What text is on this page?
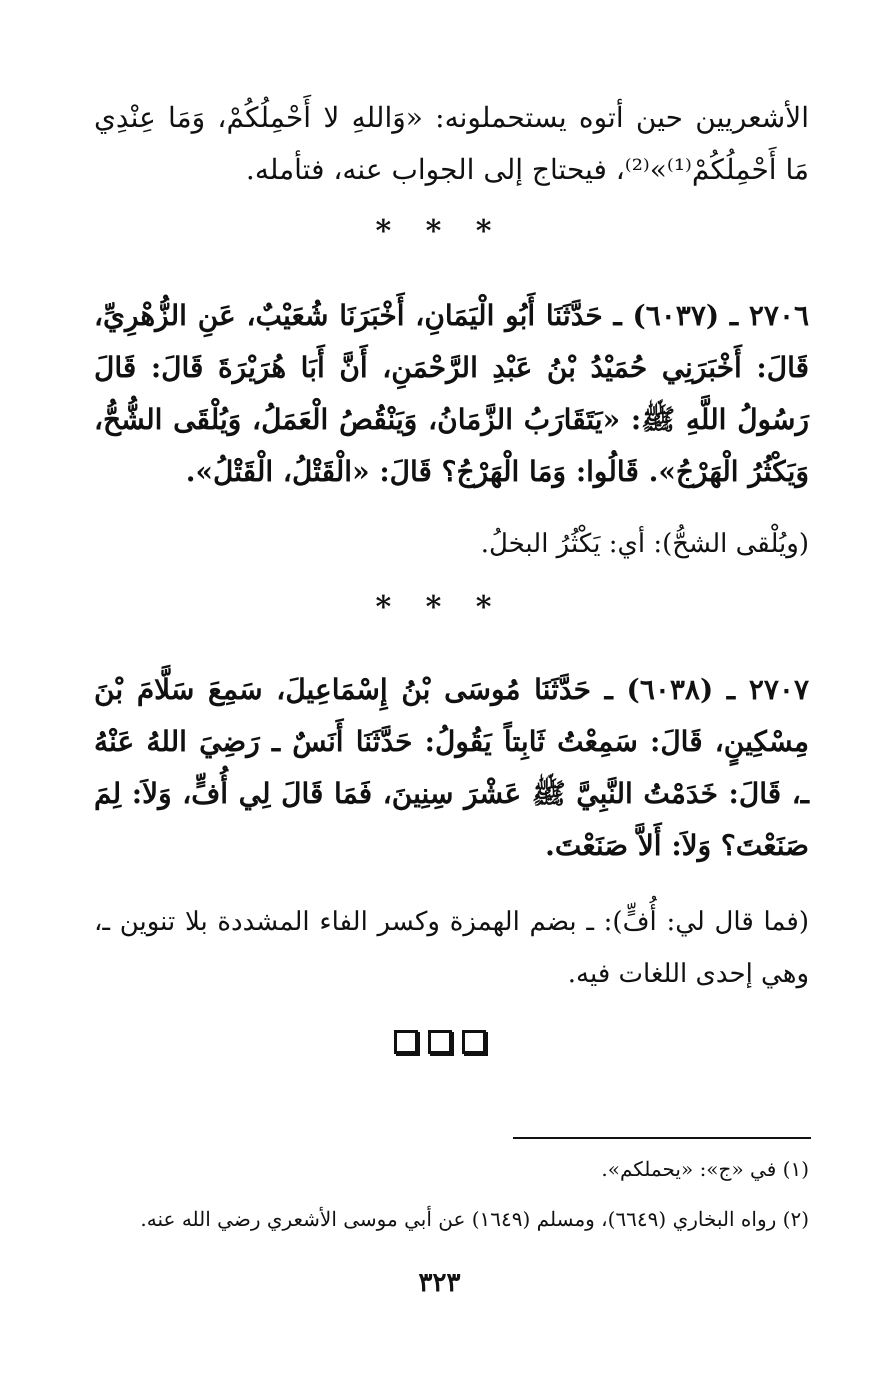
الأشعريين حين أتوه يستحملونه: «وَاللهِ لا أَحْمِلُكُمْ، وَمَا عِنْدِي مَا أَحْمِلُكُمْ⁽¹⁾»⁽²⁾، فيحتاج إلى الجواب عنه، فتأمله.
* * *
٢٧٠٦ ـ (٦٠٣٧) ـ حَدَّثَنَا أَبُو الْيَمَانِ، أَخْبَرَنَا شُعَيْبٌ، عَنِ الزُّهْرِيِّ، قَالَ: أَخْبَرَنِي حُمَيْدُ بْنُ عَبْدِ الرَّحْمَنِ، أَنَّ أَبَا هُرَيْرَةَ قَالَ: قَالَ رَسُولُ اللَّهِ ﷺ: «يَتَقَارَبُ الزَّمَانُ، وَيَنْقُصُ الْعَمَلُ، وَيُلْقَى الشُّحُّ، وَيَكْثُرُ الْهَرْجُ». قَالُوا: وَمَا الْهَرْجُ؟ قَالَ: «الْقَتْلُ، الْقَتْلُ».
(ويُلْقى الشحُّ): أي: يَكْثُرُ البخلُ.
* * *
٢٧٠٧ ـ (٦٠٣٨) ـ حَدَّثَنَا مُوسَى بْنُ إِسْمَاعِيلَ، سَمِعَ سَلَّامَ بْنَ مِسْكِينٍ، قَالَ: سَمِعْتُ ثَابِتاً يَقُولُ: حَدَّثَنَا أَنَسٌ ـ رَضِيَ اللهُ عَنْهُ ـ، قَالَ: خَدَمْتُ النَّبِيَّ ﷺ عَشْرَ سِنِينَ، فَمَا قَالَ لِي أُفٍّ، وَلاَ: لِمَ صَنَعْتَ؟ وَلاَ: أَلاَّ صَنَعْتَ.
(فما قال لي: أُفٍّ): ـ بضم الهمزة وكسر الفاء المشددة بلا تنوين ـ، وهي إحدى اللغات فيه.
(١) في «ج»: «يحملكم».
(٢) رواه البخاري (٦٦٤٩)، ومسلم (١٦٤٩) عن أبي موسى الأشعري رضي الله عنه.
٣٢٣
